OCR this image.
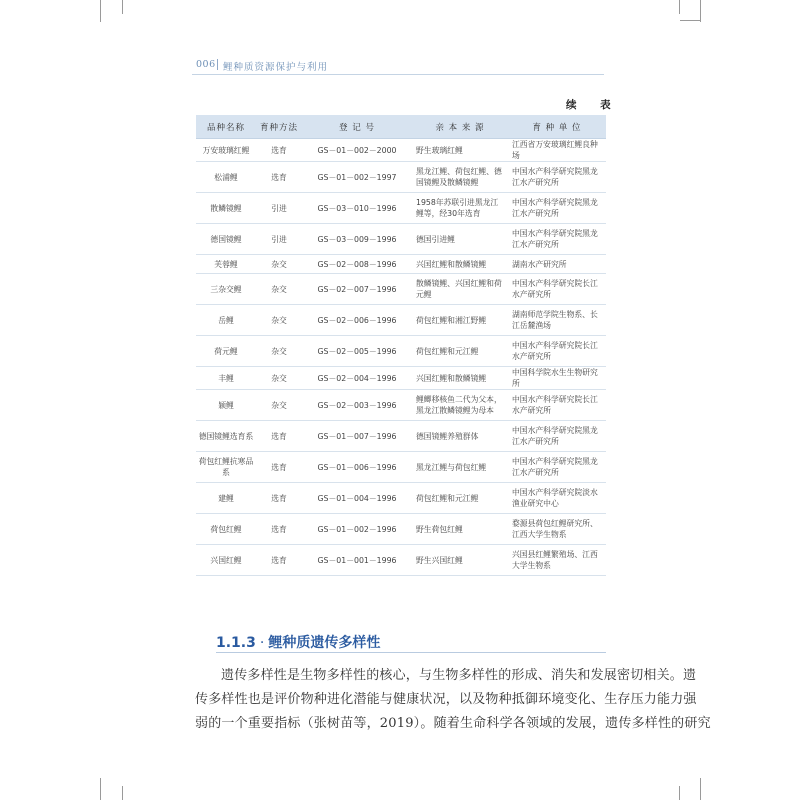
006 鲤种质资源保护与利用
续 表
品种名称	育种方法	登 记 号	亲 本 来 源	育 种 单 位
万安玻璃红鲤	选育	GS－01－002－2000	野生玻璃红鲤	江西省万安玻璃红鲤良种场
松浦鲤	选育	GS－01－002－1997	黑龙江鲤、荷包红鲤、德国镜鲤及散鳞镜鲤	中国水产科学研究院黑龙江水产研究所
散鳞镜鲤	引进	GS－03－010－1996	1958年苏联引进黑龙江鲤等，经30年选育	中国水产科学研究院黑龙江水产研究所
德国镜鲤	引进	GS－03－009－1996	德国引进鲤	中国水产科学研究院黑龙江水产研究所
芙蓉鲤	杂交	GS－02－008－1996	兴国红鲤和散鳞镜鲤	湖南水产研究所
三杂交鲤	杂交	GS－02－007－1996	散鳞镜鲤、兴国红鲤和荷元鲤	中国水产科学研究院长江水产研究所
岳鲤	杂交	GS－02－006－1996	荷包红鲤和湘江野鲤	湖南师范学院生物系、长江岳麓渔场
荷元鲤	杂交	GS－02－005－1996	荷包红鲤和元江鲤	中国水产科学研究院长江水产研究所
丰鲤	杂交	GS－02－004－1996	兴国红鲤和散鳞镜鲤	中国科学院水生生物研究所
颖鲤	杂交	GS－02－003－1996	鲤鲫移核鱼二代为父本，黑龙江散鳞镜鲤为母本	中国水产科学研究院长江水产研究所
德国镜鲤选育系	选育	GS－01－007－1996	德国镜鲤养殖群体	中国水产科学研究院黑龙江水产研究所
荷包红鲤抗寒品系	选育	GS－01－006－1996	黑龙江鲤与荷包红鲤	中国水产科学研究院黑龙江水产研究所
建鲤	选育	GS－01－004－1996	荷包红鲤和元江鲤	中国水产科学研究院淡水渔业研究中心
荷包红鲤	选育	GS－01－002－1996	野生荷包红鲤	婺源县荷包红鲤研究所、江西大学生物系
兴国红鲤	选育	GS－01－001－1996	野生兴国红鲤	兴国县红鲤繁殖场、江西大学生物系
1.1.3 · 鲤种质遗传多样性
遗传多样性是生物多样性的核心，与生物多样性的形成、消失和发展密切相关。遗
传多样性也是评价物种进化潜能与健康状况，以及物种抵御环境变化、生存压力能力强
弱的一个重要指标（张树苗等，2019）。随着生命科学各领域的发展，遗传多样性的研究
